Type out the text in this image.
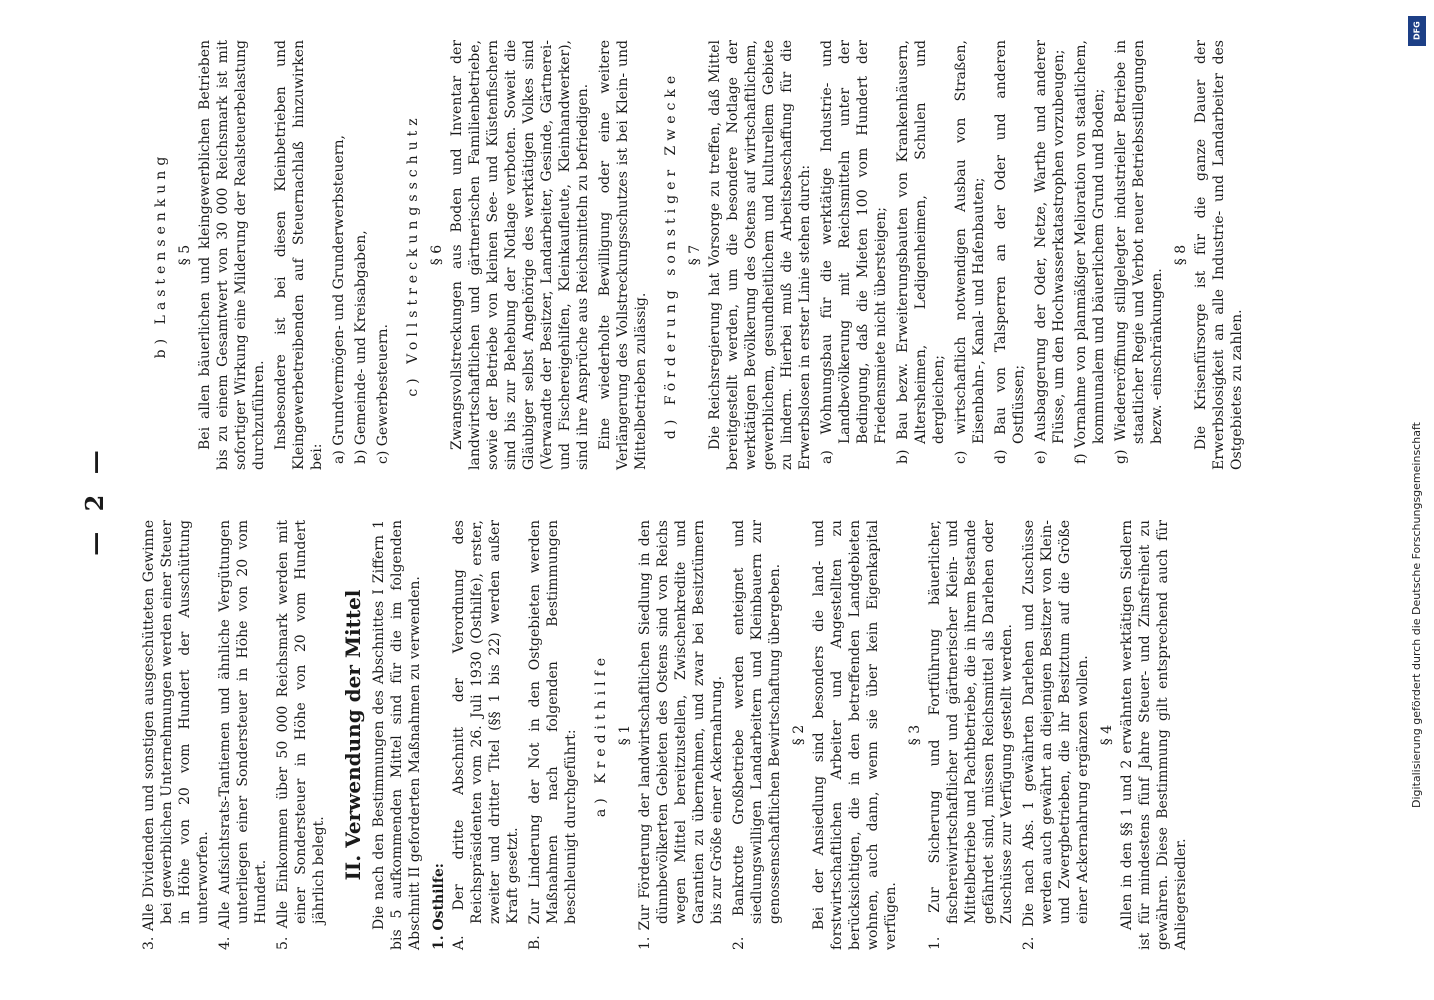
— 2 —
3. Alle Dividenden und sonstigen ausgeschütteten Gewinne bei gewerblichen Unternehmungen werden einer Steuer in Höhe von 20 vom Hundert der Ausschüttung unterworfen. 4. Alle Aufsichtsrats-Tantiemen und ähnliche Vergütungen unterliegen einer Sondersteuer in Höhe von 20 vom Hundert. 5. Alle Einkommen über 50 000 Reichsmark werden mit einer Sondersteuer in Höhe von 20 vom Hundert jährlich belegt. II. Verwendung der Mittel Die nach den Bestimmungen des Abschnittes I Ziffern 1 bis 5 aufkommenden Mittel sind für die im folgenden Abschnitt II geforderten Maßnahmen zu verwenden. 1. Osthilfe: A. Der dritte Abschnitt der Verordnung des Reichspräsidenten vom 26. Juli 1930 (Osthilfe), erster, zweiter und dritter Titel (§§ 1 bis 22) werden außer Kraft gesetzt. B. Zur Linderung der Not in den Ostgebieten werden Maßnahmen nach folgenden Bestimmungen beschleunigt durchgeführt: a) Kredithilfe § 1 1. Zur Förderung der landwirtschaftlichen Siedlung in den dünnbevölkerten Gebieten des Ostens sind von Reichs wegen Mittel bereitzustellen, Zwischenkredite und Garantien zu übernehmen, und zwar bei Besitztümern bis zur Größe einer Ackernahrung. 2. Bankrotte Großbetriebe werden enteignet und siedlungswilligen Landarbeitern und Kleinbauern zur genossenschaftlichen Bewirtschaftung übergeben. § 2 Bei der Ansiedlung sind besonders die land- und forstwirtschaftlichen Arbeiter und Angestellten zu berücksichtigen, die in den betreffenden Landgebieten wohnen, auch dann, wenn sie über kein Eigenkapital verfügen.

§ 3 1. Zur Sicherung und Fortführung bäuerlicher, fischereiwirtschaftlicher und gärtnerischer Klein- und Mittelbetriebe und Pachtbetriebe, die in ihrem Bestande gefährdet sind, müssen Reichsmittel als Darlehen oder Zuschüsse zur Verfügung gestellt werden. 2. Die nach Abs. 1 gewährten Darlehen und Zuschüsse werden auch gewährt an diejenigen Besitzer von Klein- und Zwergbetrieben, die ihr Besitztum auf die Größe einer Ackernahrung ergänzen wollen. § 4 Allen in den §§ 1 und 2 erwähnten werktätigen Siedlern ist für mindestens fünf Jahre Steuer- und Zinsfreiheit zu gewähren. Diese Bestimmung gilt entsprechend auch für Anliegersiedler.

b) Lastensenkung § 5 Bei allen bäuerlichen und kleingewerblichen Betrieben bis zu einem Gesamtwert von 30 000 Reichsmark ist mit sofortiger Wirkung eine Milderung der Realsteuerbelastung durchzuführen. Insbesondere ist bei diesen Kleinbetrieben und Kleingewerbetreibenden auf Steuernachlaß hinzuwirken bei: a) Grundvermögen- und Grunderwerbsteuern, b) Gemeinde- und Kreisabgaben, c) Gewerbesteuern. c) Vollstreckungsschutz § 6 Zwangsvollstreckungen aus Boden und Inventar der landwirtschaftlichen und gärtnerischen Familienbetriebe, sowie der Betriebe von kleinen See- und Küstenfischern sind bis zur Behebung der Notlage verboten. Soweit die Gläubiger selbst Angehörige des werktätigen Volkes sind (Verwandte der Besitzer, Landarbeiter, Gesinde, Gärtnerei- und Fischereigehilfen, Kleinkaufleute, Kleinhandwerker), sind ihre Ansprüche aus Reichsmitteln zu befriedigen. Eine wiederholte Bewilligung oder eine weitere Verlängerung des Vollstreckungsschutzes ist bei Klein- und Mittelbetrieben zulässig. d) Förderung sonstiger Zwecke § 7 Die Reichsregierung hat Vorsorge zu treffen, daß Mittel bereitgestellt werden, um die besondere Notlage der werktätigen Bevölkerung des Ostens auf wirtschaftlichem, gewerblichem, gesundheitlichem und kulturellem Gebiete zu lindern. Hierbei muß die Arbeitsbeschaffung für die Erwerbslosen in erster Linie stehen durch: a) Wohnungsbau für die werktätige Industrie- und Landbevölkerung mit Reichsmitteln unter der Bedingung, daß die Mieten 100 vom Hundert der Friedensmiete nicht übersteigen; b) Bau bezw. Erweiterungsbauten von Krankenhäusern, Altersheimen, Ledigenheimen, Schulen und dergleichen; c) wirtschaftlich notwendigen Ausbau von Straßen, Eisenbahn-, Kanal- und Hafenbauten; d) Bau von Talsperren an der Oder und anderen Ostflüssen; e) Ausbaggerung der Oder, Netze, Warthe und anderer Flüsse, um den Hochwasserkatastrophen vorzubeugen; f) Vornahme von planmäßiger Melioration von staatlichem, kommunalem und bäuerlichem Grund und Boden; g) Wiedereröffnung stillgelegter industrieller Betriebe in staatlicher Regie und Verbot neuer Betriebsstillegungen bezw. -einschränkungen.
§ 8 Die Krisenfürsorge ist für die ganze Dauer der Erwerbslosigkeit an alle Industrie- und Landarbeiter des Ostgebietes zu zahlen.

DFG
Digitalisierung gefördert durch die Deutsche Forschungsgemeinschaft
